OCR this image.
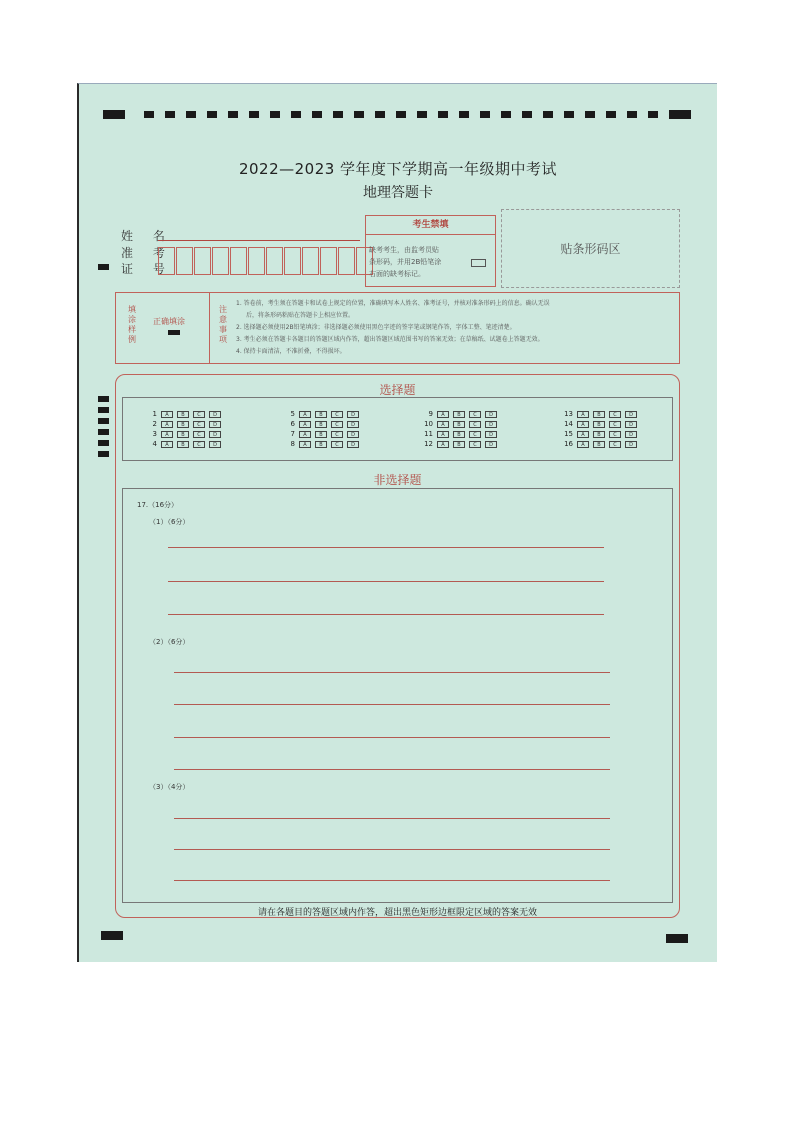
2022—2023 学年度下学期高一年级期中考试
地理答题卡
姓 名
准 考
证 号
考生禁填
缺考考生，由监考员贴
条形码，并用2B铅笔涂
右面的缺考标记。
贴条形码区
填涂样例
正确填涂
注意事项
1. 答卷前，考生须在答题卡和试卷上规定的位置，准确填写本人姓名、准考证号，并核对准条形码上的信息。确认无误
后，将条形码粘贴在答题卡上相应位置。
2. 选择题必须使用2B铅笔填涂；非选择题必须使用黑色字迹的签字笔或钢笔作答，字体工整、笔迹清楚。
3. 考生必须在答题卡各题目的答题区域内作答，超出答题区域范围书写的答案无效；在草稿纸、试题卷上答题无效。
4. 保持卡面清洁，不准折叠，不得损坏。
选择题
1 A	B	C D
2 A	B	C D
3 A	B	C D
4 A	B	C D
5 A	B	C D
6 A	B	C D
7 A	B	C D
8 A	B	C D
9 A	B	C D
10 A	B	C D
11 A	B	C D
12 A	B	C D
13 A	B	C D
14 A	B	C D
15 A	B	C D
16 A	B	C D
非选择题
17.（16分）
（1）（6分）
（2）（6分）
（3）（4分）
请在各题目的答题区域内作答，超出黑色矩形边框限定区域的答案无效
